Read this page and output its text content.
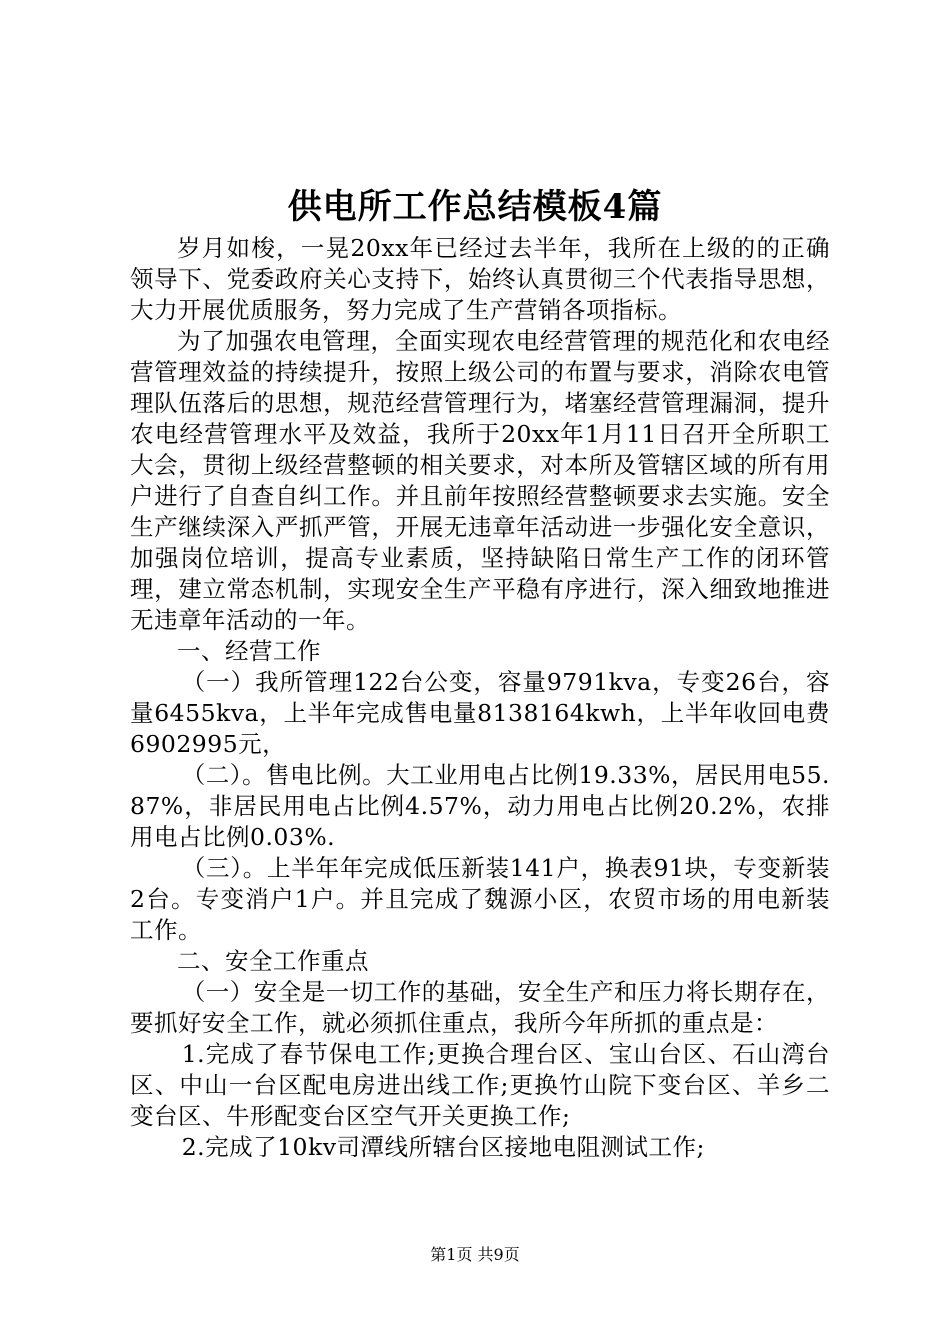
供电所工作总结模板4篇

岁月如梭，一晃20xx年已经过去半年，我所在上级的的正确领导下、党委政府关心支持下，始终认真贯彻三个代表指导思想，大力开展优质服务，努力完成了生产营销各项指标。

为了加强农电管理，全面实现农电经营管理的规范化和农电经营管理效益的持续提升，按照上级公司的布置与要求，消除农电管理队伍落后的思想，规范经营管理行为，堵塞经营管理漏洞，提升农电经营管理水平及效益，我所于20xx年1月11日召开全所职工大会，贯彻上级经营整顿的相关要求，对本所及管辖区域的所有用户进行了自查自纠工作。并且前年按照经营整顿要求去实施。安全生产继续深入严抓严管，开展无违章年活动进一步强化安全意识，加强岗位培训，提高专业素质，坚持缺陷日常生产工作的闭环管理，建立常态机制，实现安全生产平稳有序进行，深入细致地推进无违章年活动的一年。

一、经营工作

（一）我所管理122台公变，容量9791kva，专变26台，容量6455kva，上半年完成售电量8138164kwh，上半年收回电费6902995元，

（二）。售电比例。大工业用电占比例19.33%，居民用电55.87%，非居民用电占比例4.57%，动力用电占比例20.2%，农排用电占比例0.03%.

（三）。上半年年完成低压新装141户，换表91块，专变新装2台。专变消户1户。并且完成了魏源小区，农贸市场的用电新装工作。

二、安全工作重点

（一）安全是一切工作的基础，安全生产和压力将长期存在，要抓好安全工作，就必须抓住重点，我所今年所抓的重点是：

1.完成了春节保电工作;更换合理台区、宝山台区、石山湾台区、中山一台区配电房进出线工作;更换竹山院下变台区、羊乡二变台区、牛形配变台区空气开关更换工作;

2.完成了10kv司潭线所辖台区接地电阻测试工作;

第1页 共9页
